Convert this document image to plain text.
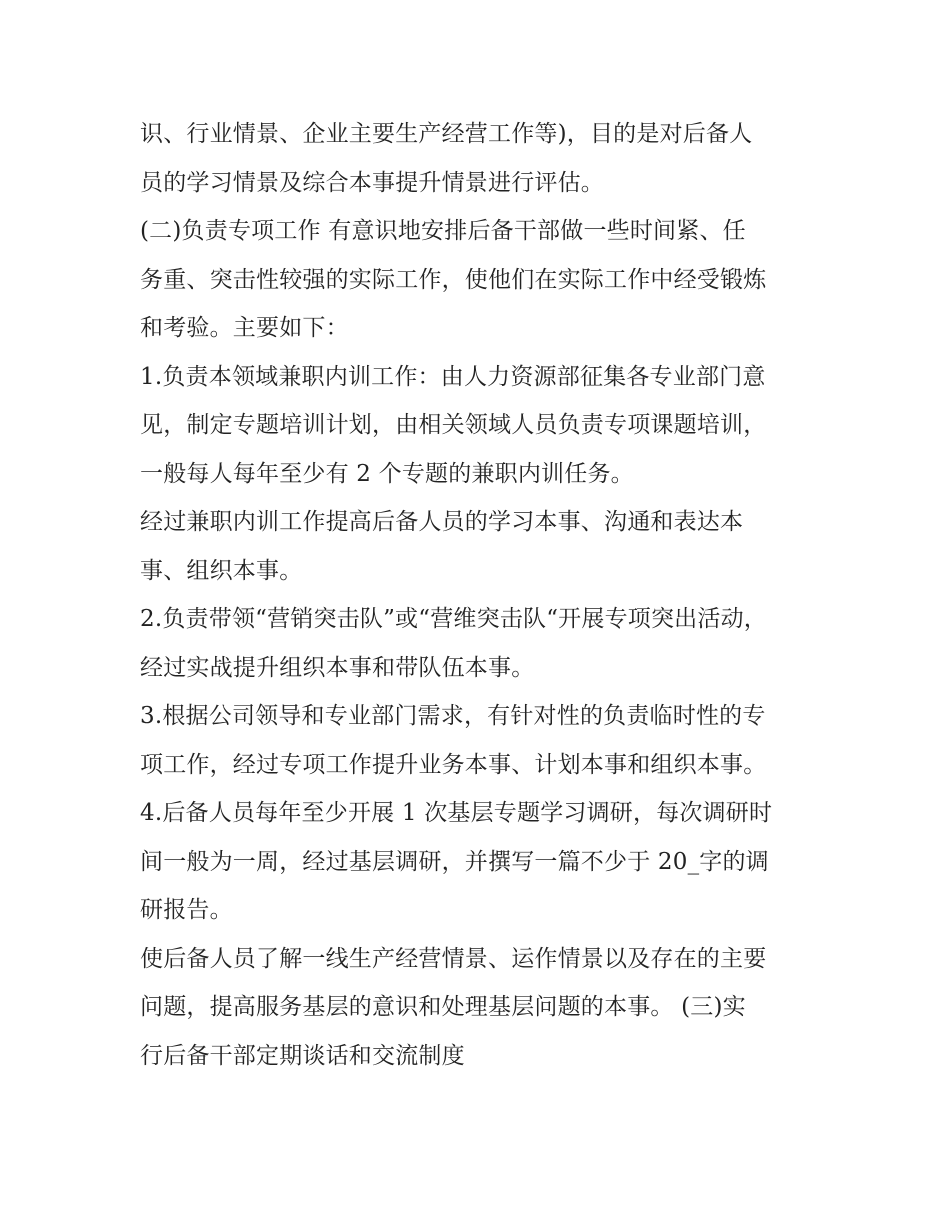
识、行业情景、企业主要生产经营工作等)，目的是对后备人
员的学习情景及综合本事提升情景进行评估。
(二)负责专项工作 有意识地安排后备干部做一些时间紧、任
务重、突击性较强的实际工作，使他们在实际工作中经受锻炼
和考验。主要如下：
1.负责本领域兼职内训工作：由人力资源部征集各专业部门意
见，制定专题培训计划，由相关领域人员负责专项课题培训，
一般每人每年至少有 2 个专题的兼职内训任务。
经过兼职内训工作提高后备人员的学习本事、沟通和表达本
事、组织本事。
2.负责带领“营销突击队”或“营维突击队“开展专项突出活动，
经过实战提升组织本事和带队伍本事。
3.根据公司领导和专业部门需求，有针对性的负责临时性的专
项工作，经过专项工作提升业务本事、计划本事和组织本事。
4.后备人员每年至少开展 1 次基层专题学习调研，每次调研时
间一般为一周，经过基层调研，并撰写一篇不少于 20_字的调
研报告。
使后备人员了解一线生产经营情景、运作情景以及存在的主要
问题，提高服务基层的意识和处理基层问题的本事。 (三)实
行后备干部定期谈话和交流制度
